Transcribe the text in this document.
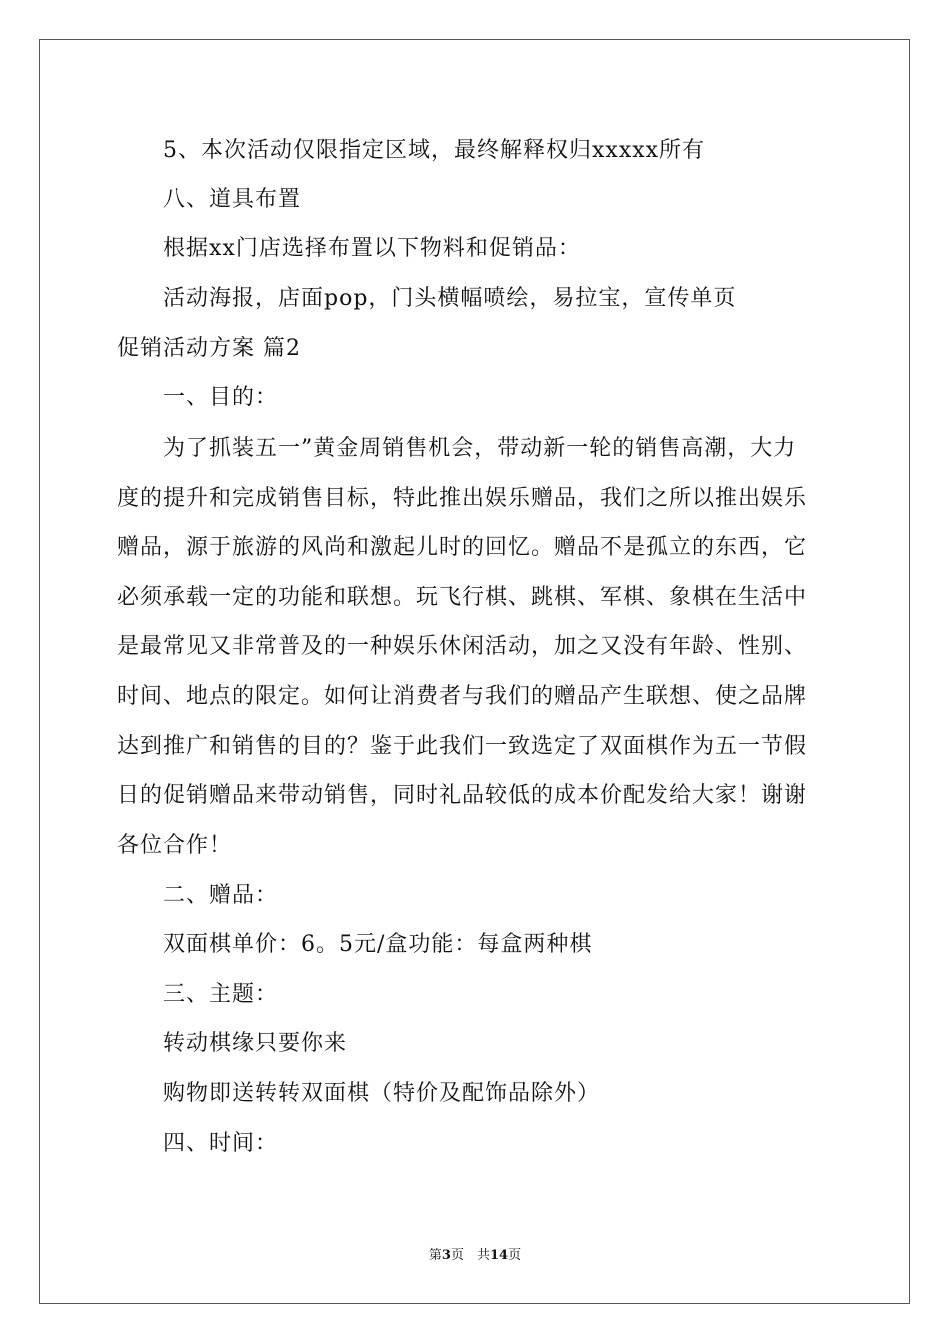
5、本次活动仅限指定区域，最终解释权归xxxxx所有
八、道具布置
根据xx门店选择布置以下物料和促销品：
活动海报，店面pop，门头横幅喷绘，易拉宝，宣传单页
促销活动方案 篇2
一、目的：
为了抓装五一”黄金周销售机会，带动新一轮的销售高潮，大力
度的提升和完成销售目标，特此推出娱乐赠品，我们之所以推出娱乐
赠品，源于旅游的风尚和激起儿时的回忆。赠品不是孤立的东西，它
必须承载一定的功能和联想。玩飞行棋、跳棋、军棋、象棋在生活中
是最常见又非常普及的一种娱乐休闲活动，加之又没有年龄、性别、
时间、地点的限定。如何让消费者与我们的赠品产生联想、使之品牌
达到推广和销售的目的？鉴于此我们一致选定了双面棋作为五一节假
日的促销赠品来带动销售，同时礼品较低的成本价配发给大家！谢谢
各位合作！
二、赠品：
双面棋单价：6。5元/盒功能：每盒两种棋
三、主题：
转动棋缘只要你来
购物即送转转双面棋（特价及配饰品除外）
四、时间：
第3页　共14页
